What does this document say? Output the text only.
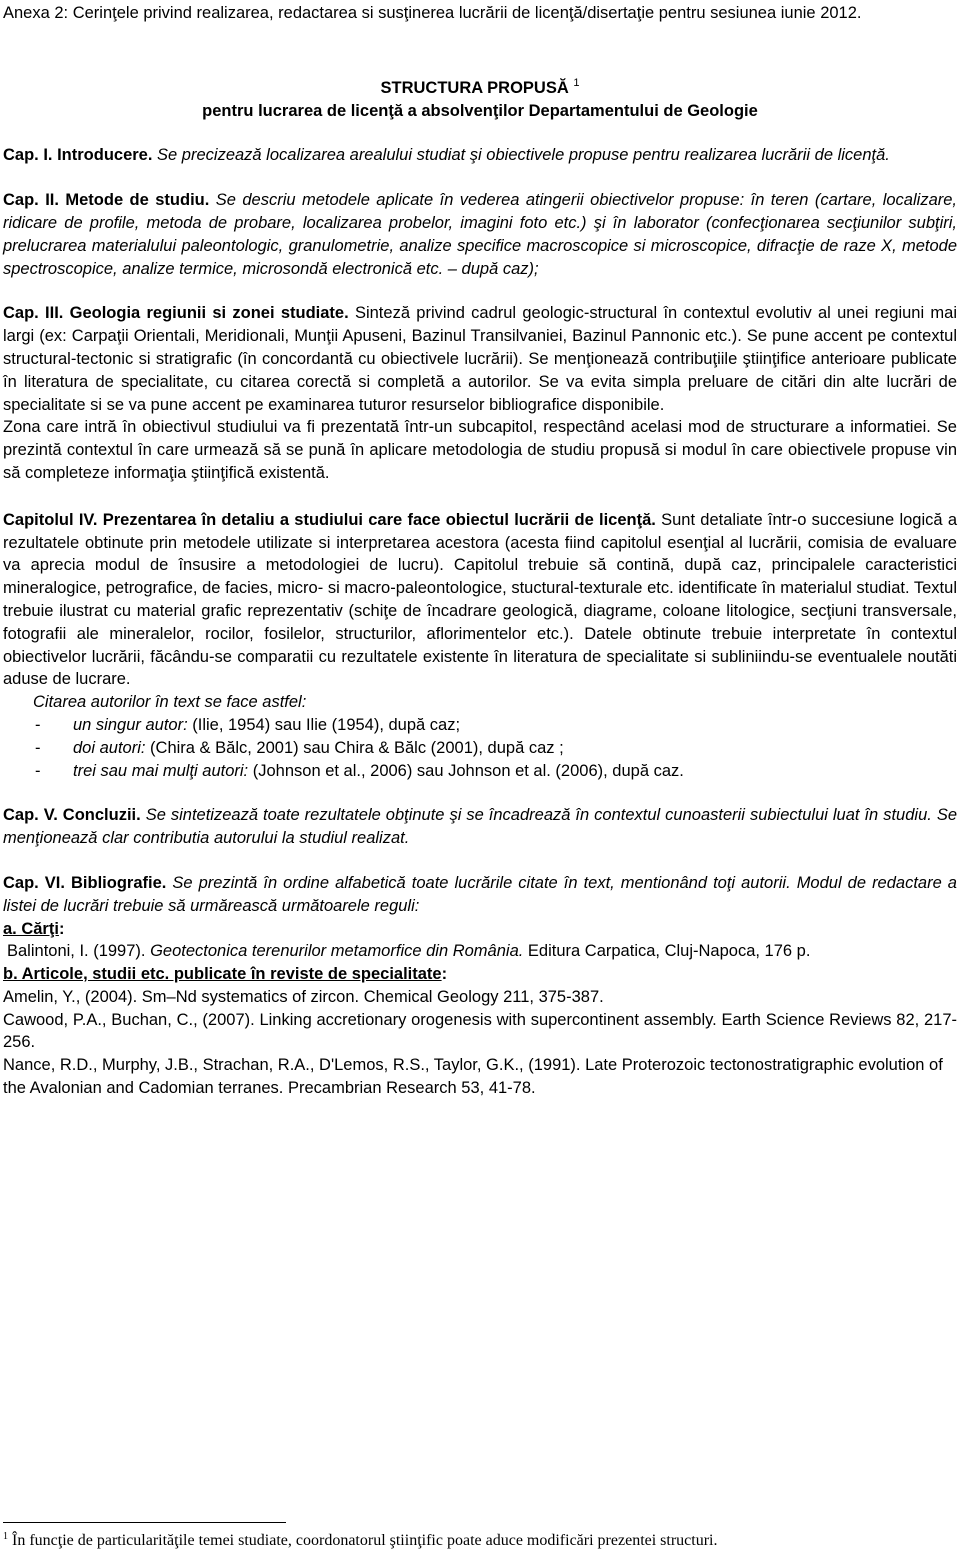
Anexa 2: Cerinţele privind realizarea, redactarea si susţinerea lucrării de licenţă/disertaţie pentru sesiunea iunie 2012.

STRUCTURA PROPUSĂ $^1$
pentru lucrarea de licenţă a absolvenţilor Departamentului de Geologie

Cap. I. Introducere. Se precizează localizarea arealului studiat şi obiectivele propuse pentru realizarea lucrării de licenţă.

Cap. II. Metode de studiu. Se descriu metodele aplicate în vederea atingerii obiectivelor propuse: în teren (cartare, localizare, ridicare de profile, metoda de probare, localizarea probelor, imagini foto etc.) şi în laborator (confecţionarea secţiunilor subţiri, prelucrarea materialului paleontologic, granulometrie, analize specifice macroscopice si microscopice, difracţie de raze X, metode spectroscopice, analize termice, microsondă electronică etc. – după caz);

Cap. III. Geologia regiunii si zonei studiate. Sinteză privind cadrul geologic-structural în contextul evolutiv al unei regiuni mai largi (ex: Carpaţii Orientali, Meridionali, Munţii Apuseni, Bazinul Transilvaniei, Bazinul Pannonic etc.). Se pune accent pe contextul structural-tectonic si stratigrafic (în concordantă cu obiectivele lucrării). Se menţionează contribuţiile ştiinţifice anterioare publicate în literatura de specialitate, cu citarea corectă si completă a autorilor. Se va evita simpla preluare de citări din alte lucrări de specialitate si se va pune accent pe examinarea tuturor resurselor bibliografice disponibile.

Zona care intră în obiectivul studiului va fi prezentată într-un subcapitol, respectând acelasi mod de structurare a informatiei. Se prezintă contextul în care urmează să se pună în aplicare metodologia de studiu propusă si modul în care obiectivele propuse vin să completeze informaţia ştiinţifică existentă.

Capitolul IV. Prezentarea în detaliu a studiului care face obiectul lucrării de licenţă. Sunt detaliate într-o succesiune logică a rezultatele obtinute prin metodele utilizate si interpretarea acestora (acesta fiind capitolul esenţial al lucrării, comisia de evaluare va aprecia modul de însusire a metodologiei de lucru). Capitolul trebuie să contină, după caz, principalele caracteristici mineralogice, petrografice, de facies, micro- si macro-paleontologice, stuctural-texturale etc. identificate în materialul studiat. Textul trebuie ilustrat cu material grafic reprezentativ (schiţe de încadrare geologică, diagrame, coloane litologice, secţiuni transversale, fotografii ale mineralelor, rocilor, fosilelor, structurilor, aflorimentelor etc.). Datele obtinute trebuie interpretate în contextul obiectivelor lucrării, făcându-se comparatii cu rezultatele existente în literatura de specialitate si subliniindu-se eventualele noutăti aduse de lucrare.

Citarea autorilor în text se face astfel:

- un singur autor: (Ilie, 1954) sau Ilie (1954), după caz;
- doi autori: (Chira & Bălc, 2001) sau Chira & Bălc (2001), după caz ;
- trei sau mai mulţi autori: (Johnson et al., 2006) sau Johnson et al. (2006), după caz.

Cap. V. Concluzii. Se sintetizează toate rezultatele obţinute şi se încadrează în contextul cunoasterii subiectului luat în studiu. Se menţionează clar contributia autorului la studiul realizat.

Cap. VI. Bibliografie. Se prezintă în ordine alfabetică toate lucrările citate în text, mentionând toţi autorii. Modul de redactare a listei de lucrări trebuie să urmărească următoarele reguli:

a. Cărţi:

Balintoni, I. (1997). Geotectonica terenurilor metamorfice din România. Editura Carpatica, Cluj-Napoca, 176 p.

b. Articole, studii etc. publicate în reviste de specialitate:

Amelin, Y., (2004). Sm–Nd systematics of zircon. Chemical Geology 211, 375-387.

Cawood, P.A., Buchan, C., (2007). Linking accretionary orogenesis with supercontinent assembly. Earth Science Reviews 82, 217-256.

Nance, R.D., Murphy, J.B., Strachan, R.A., D'Lemos, R.S., Taylor, G.K., (1991). Late Proterozoic tectonostratigraphic evolution of the Avalonian and Cadomian terranes. Precambrian Research 53, 41-78.

$^1$ În funcţie de particularităţile temei studiate, coordonatorul ştiinţific poate aduce modificări prezentei structuri.
